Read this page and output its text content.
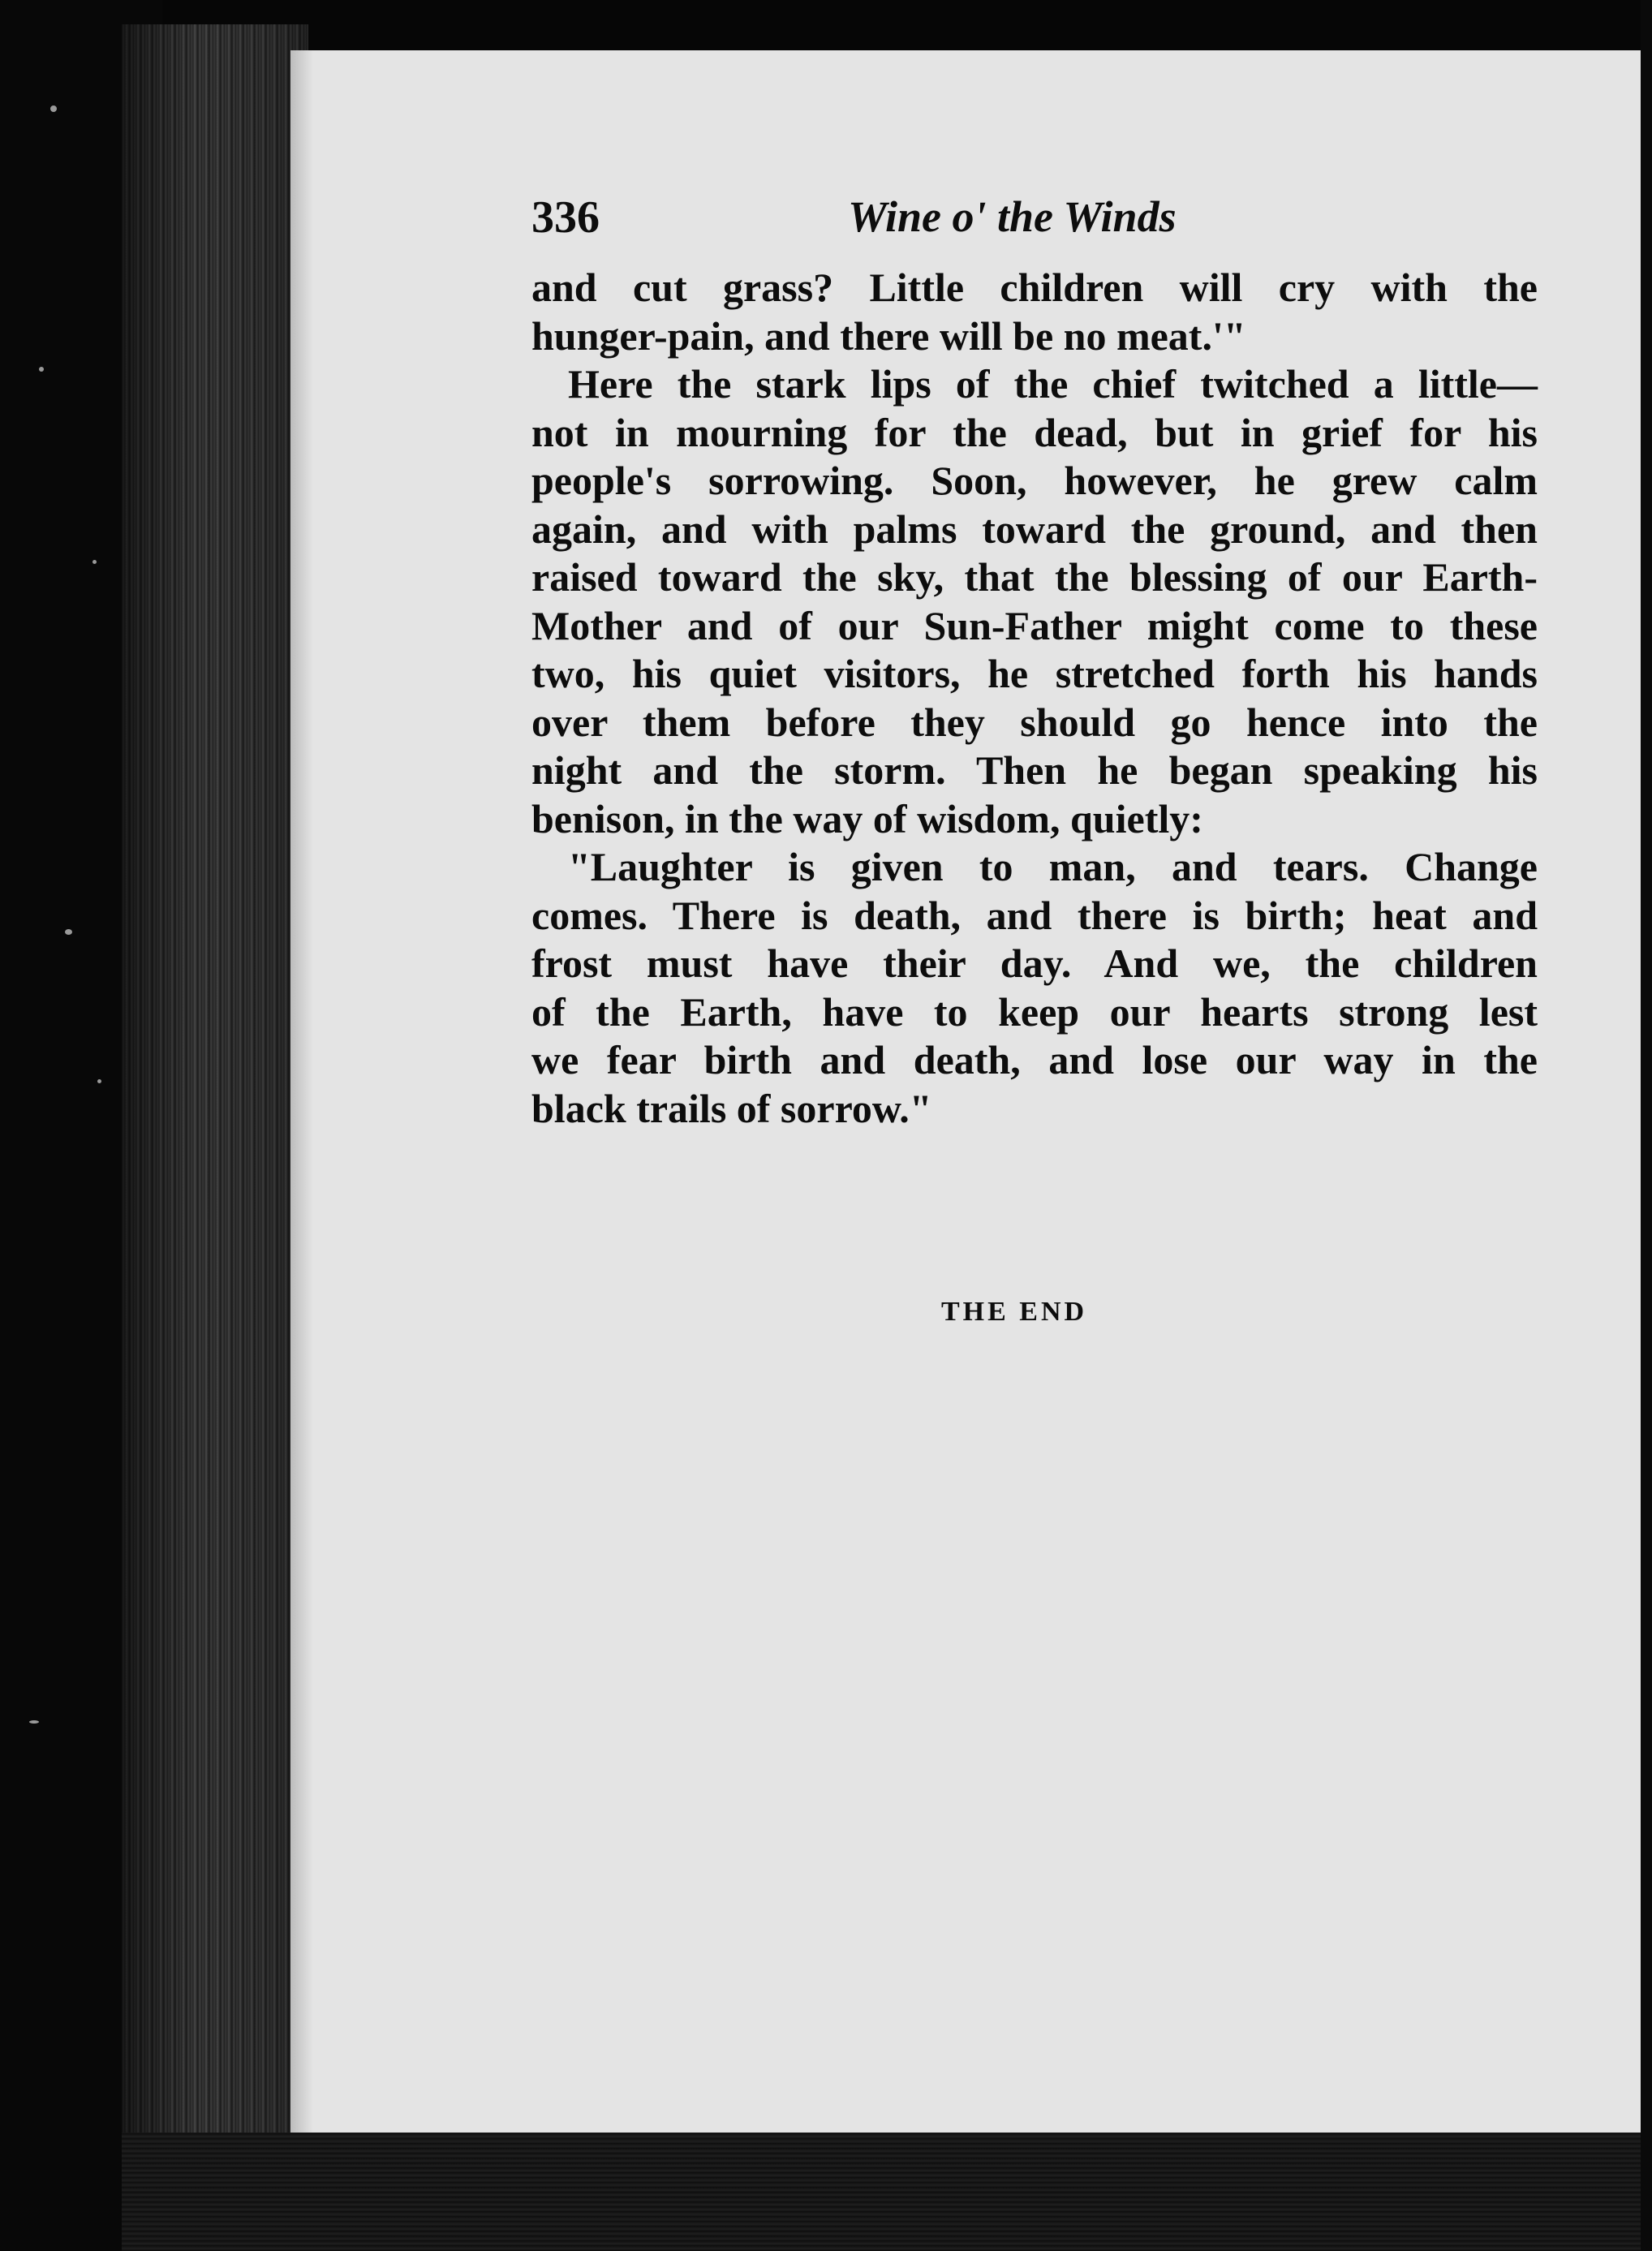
336	Wine o' the Winds
and cut grass? Little children will cry with the
hunger-pain, and there will be no meat.'"
Here the stark lips of the chief twitched a little—
not in mourning for the dead, but in grief for his
people's sorrowing. Soon, however, he grew calm
again, and with palms toward the ground, and then
raised toward the sky, that the blessing of our Earth-
Mother and of our Sun-Father might come to these
two, his quiet visitors, he stretched forth his hands
over them before they should go hence into the
night and the storm. Then he began speaking his
benison, in the way of wisdom, quietly:
"Laughter is given to man, and tears. Change
comes. There is death, and there is birth; heat and
frost must have their day. And we, the children
of the Earth, have to keep our hearts strong lest
we fear birth and death, and lose our way in the
black trails of sorrow."
THE END
